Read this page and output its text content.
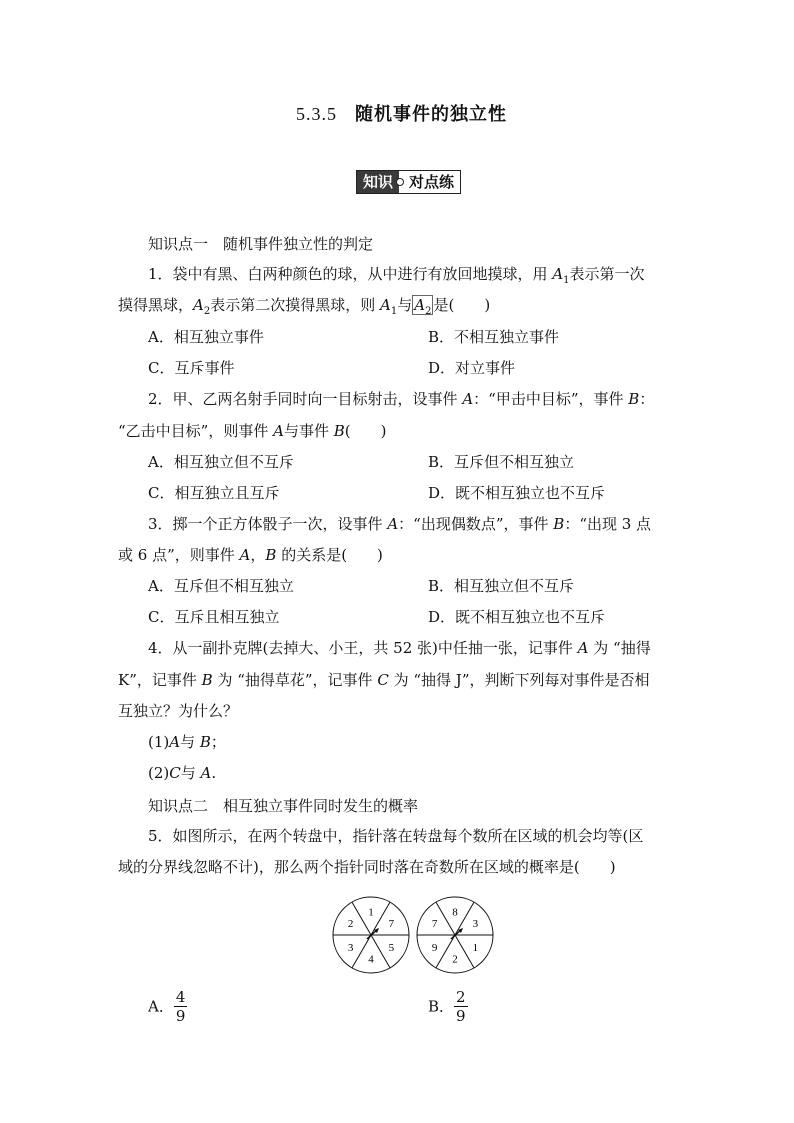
5.3.5 随机事件的独立性
知识	对点练
知识点一　随机事件独立性的判定
1．袋中有黑、白两种颜色的球，从中进行有放回地摸球，用 $A_1$表示第一次
摸得黑球，$A_2$表示第二次摸得黑球，则 $A_1$与 $A_2$ 是(　　)
A．相互独立事件	B．不相互独立事件
C．互斥事件	D．对立事件
2．甲、乙两名射手同时向一目标射击，设事件 A：“甲击中目标”，事件 B：
“乙击中目标”，则事件 A与事件 B(　　)
A．相互独立但不互斥	B．互斥但不相互独立
C．相互独立且互斥	D．既不相互独立也不互斥
3．掷一个正方体骰子一次，设事件 A：“出现偶数点”，事件 B：“出现 3 点
或 6 点”，则事件 A，B 的关系是(　　)
A．互斥但不相互独立	B．相互独立但不互斥
C．互斥且相互独立	D．既不相互独立也不互斥
4．从一副扑克牌(去掉大、小王，共 52 张)中任抽一张，记事件 A 为 “抽得
K”，记事件 B 为 “抽得草花”，记事件 C 为 “抽得 J”，判断下列每对事件是否相
互独立？为什么？
(1)A与 B；
(2)C与 A.
知识点二　相互独立事件同时发生的概率
5．如图所示，在两个转盘中，指针落在转盘每个数所在区域的机会均等(区
域的分界线忽略不计)，那么两个指针同时落在奇数所在区域的概率是(　　)
1
7
5
4
3
2
8
3
1
2
9
7
A． $\frac{4}{9}$	B． $\frac{2}{9}$
